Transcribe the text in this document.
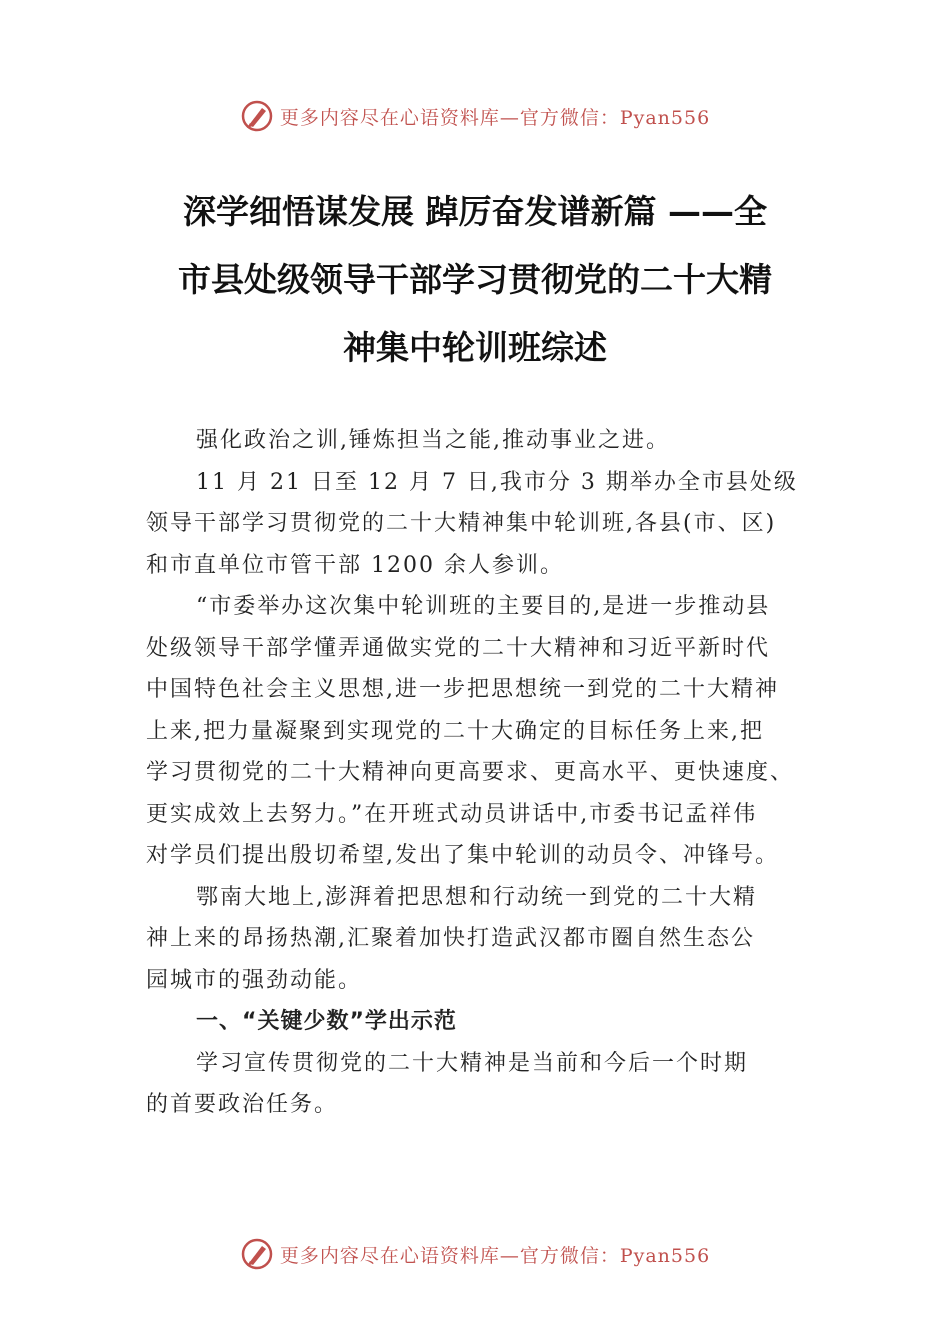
更多内容尽在心语资料库—官方微信：Pyan556
深学细悟谋发展 踔厉奋发谱新篇 ——全
市县处级领导干部学习贯彻党的二十大精
神集中轮训班综述

强化政治之训,锤炼担当之能,推动事业之进。

11 月 21 日至 12 月 7 日,我市分 3 期举办全市县处级

领导干部学习贯彻党的二十大精神集中轮训班,各县(市、区)

和市直单位市管干部 1200 余人参训。

“市委举办这次集中轮训班的主要目的,是进一步推动县

处级领导干部学懂弄通做实党的二十大精神和习近平新时代

中国特色社会主义思想,进一步把思想统一到党的二十大精神

上来,把力量凝聚到实现党的二十大确定的目标任务上来,把

学习贯彻党的二十大精神向更高要求、更高水平、更快速度、

更实成效上去努力。”在开班式动员讲话中,市委书记孟祥伟

对学员们提出殷切希望,发出了集中轮训的动员令、冲锋号。

鄂南大地上,澎湃着把思想和行动统一到党的二十大精

神上来的昂扬热潮,汇聚着加快打造武汉都市圈自然生态公

园城市的强劲动能。

一、“关键少数”学出示范

学习宣传贯彻党的二十大精神是当前和今后一个时期

的首要政治任务。

更多内容尽在心语资料库—官方微信：Pyan556
